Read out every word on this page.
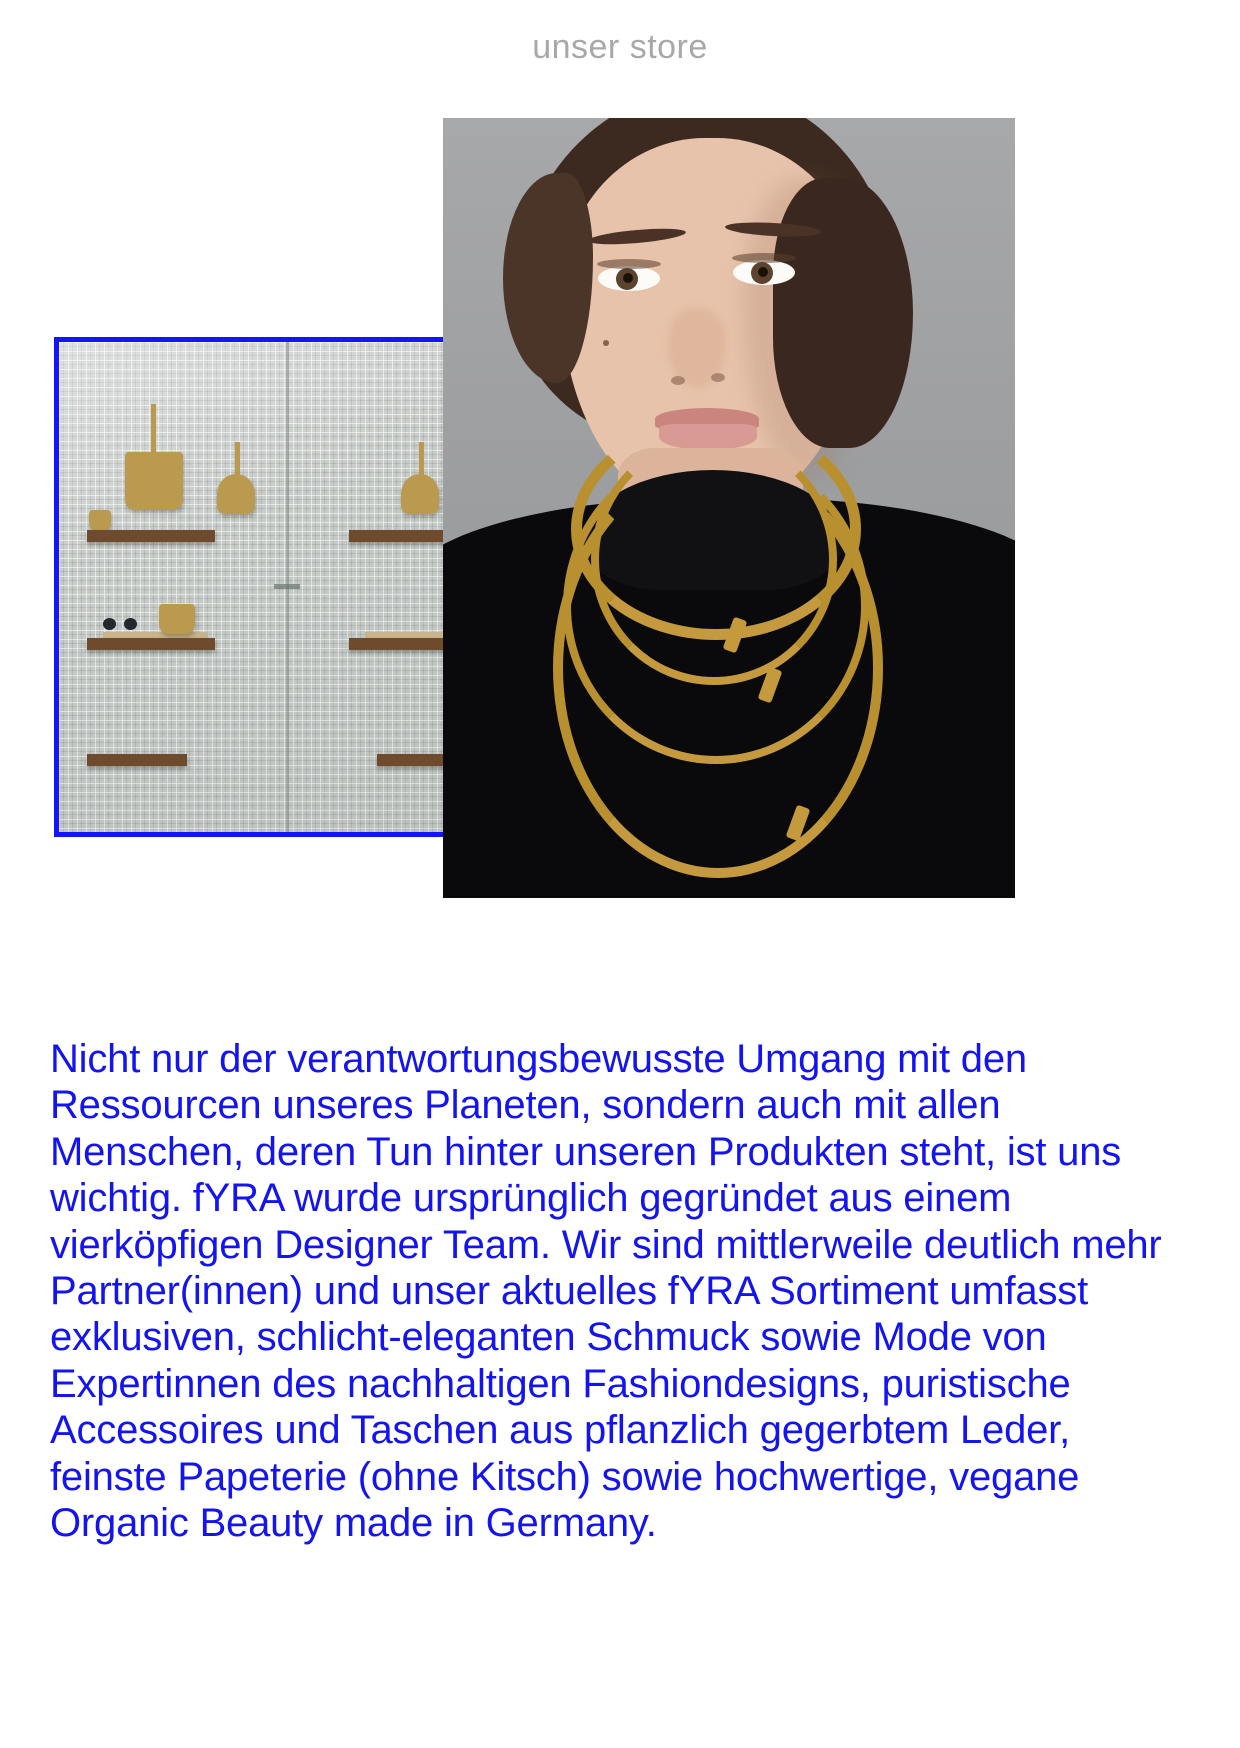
unser store
Nicht nur der verantwortungsbewusste Umgang mit den Ressourcen unseres Planeten, sondern auch mit allen Menschen, deren Tun hinter unseren Produkten steht, ist uns wichtig. fYRA wurde ursprünglich gegründet aus einem vierköpfigen Designer Team. Wir sind mittlerweile deutlich mehr Partner(innen) und unser aktuelles fYRA Sortiment umfasst exklusiven, schlicht-eleganten Schmuck sowie Mode von Expertinnen des nachhaltigen Fashiondesigns, puristische Accessoires und Taschen aus pflanzlich gegerbtem Leder, feinste Papeterie (ohne Kitsch) sowie hochwertige, vegane Organic Beauty made in Germany.
